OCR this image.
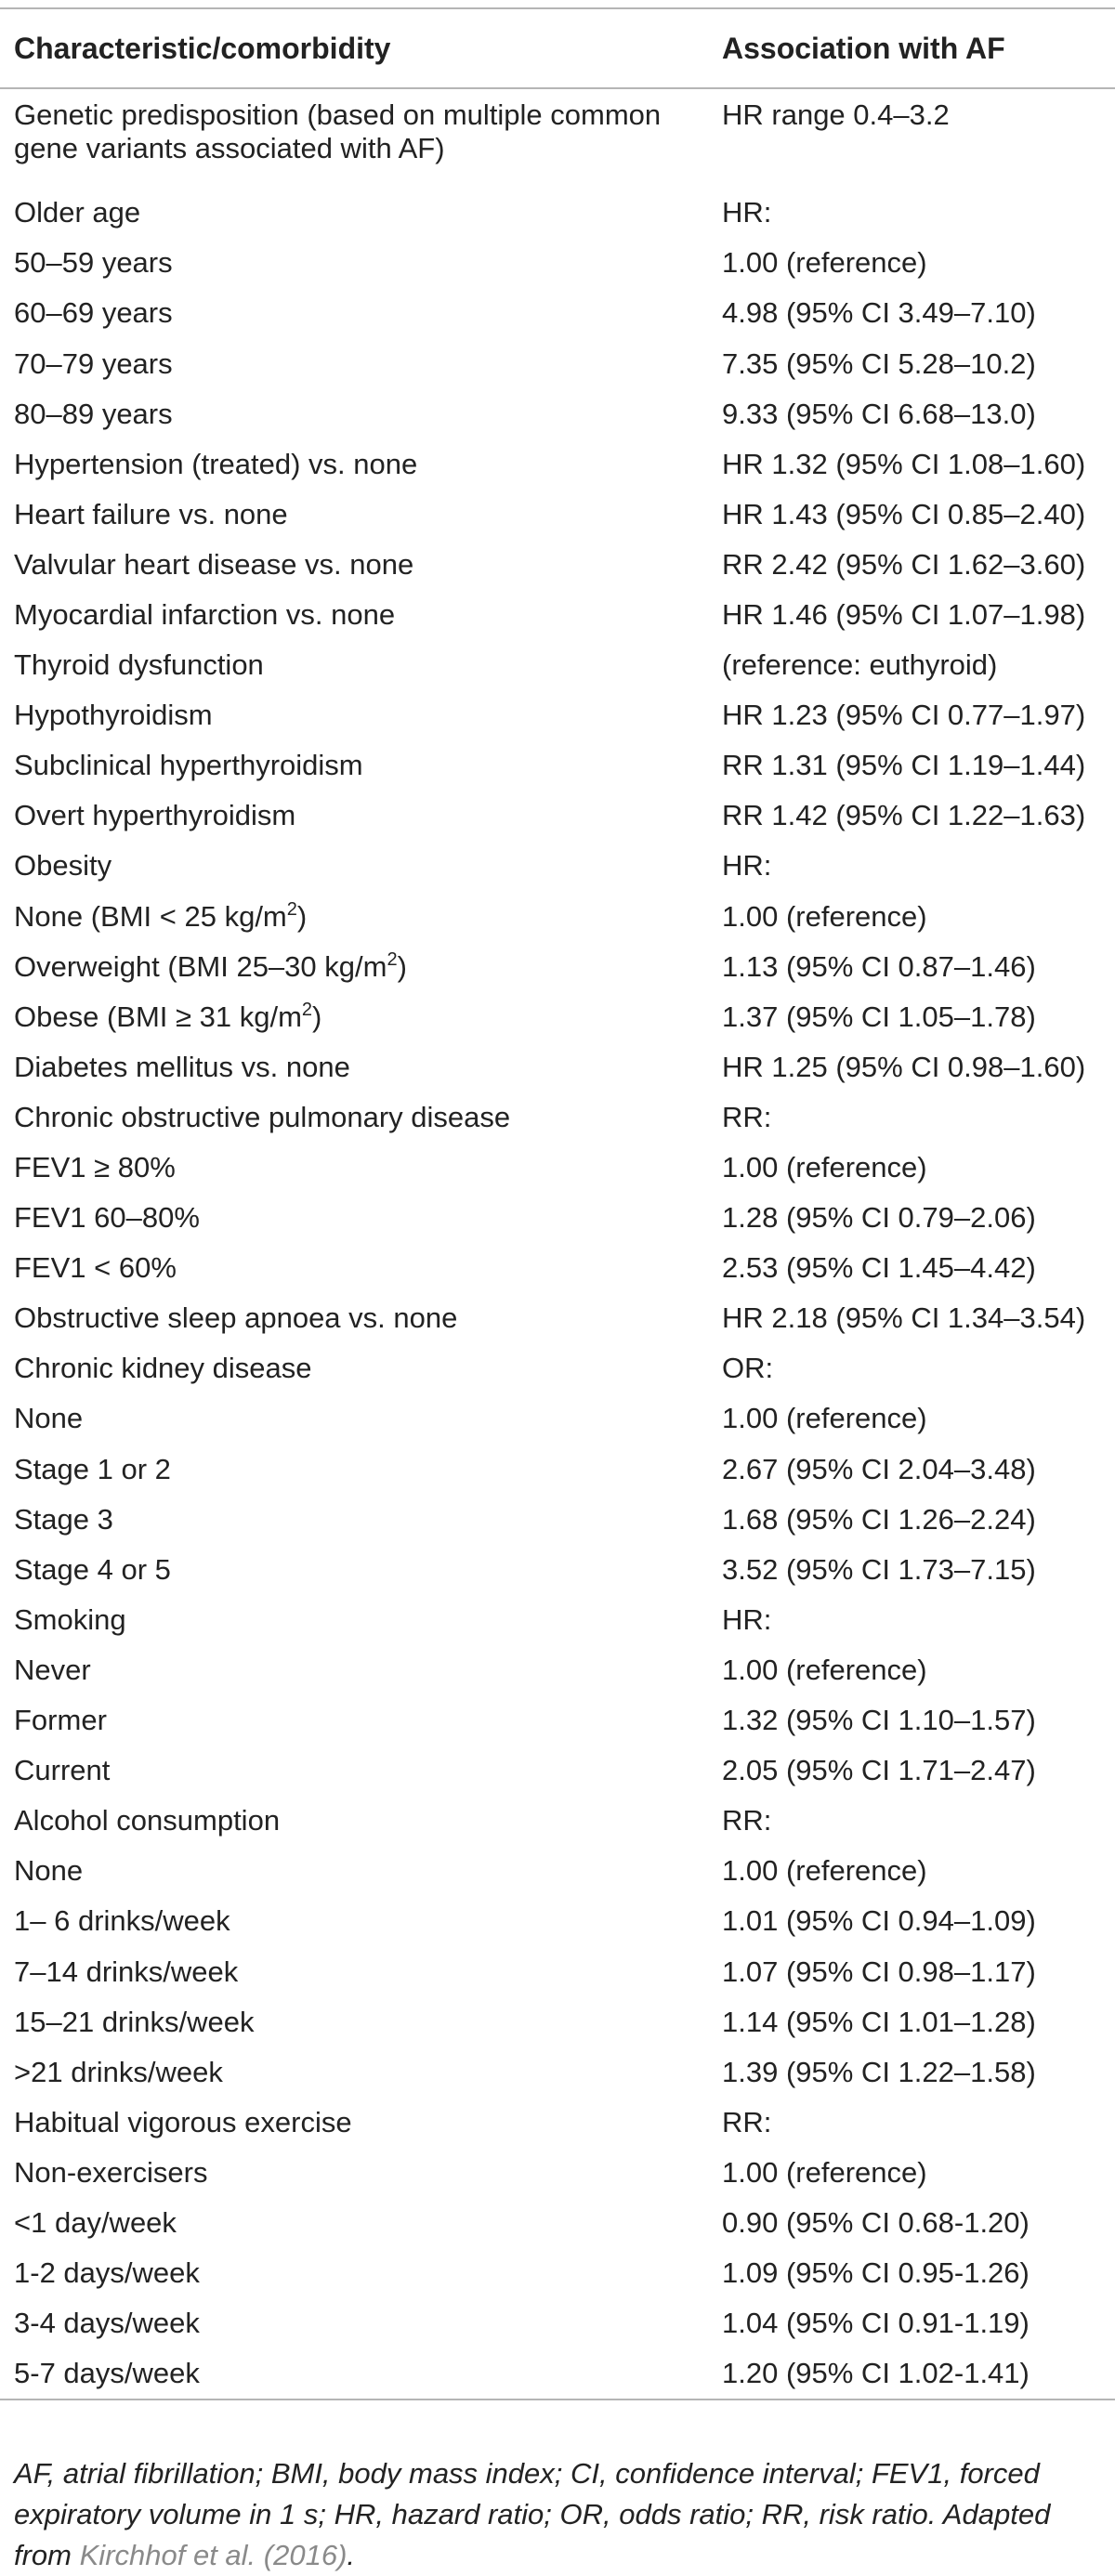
Characteristic/comorbidity	Association with AF
Genetic predisposition (based on multiple common gene variants associated with AF)	HR range 0.4–3.2
Older age	HR:
50–59 years	1.00 (reference)
60–69 years	4.98 (95% CI 3.49–7.10)
70–79 years	7.35 (95% CI 5.28–10.2)
80–89 years	9.33 (95% CI 6.68–13.0)
Hypertension (treated) vs. none	HR 1.32 (95% CI 1.08–1.60)
Heart failure vs. none	HR 1.43 (95% CI 0.85–2.40)
Valvular heart disease vs. none	RR 2.42 (95% CI 1.62–3.60)
Myocardial infarction vs. none	HR 1.46 (95% CI 1.07–1.98)
Thyroid dysfunction	(reference: euthyroid)
Hypothyroidism	HR 1.23 (95% CI 0.77–1.97)
Subclinical hyperthyroidism	RR 1.31 (95% CI 1.19–1.44)
Overt hyperthyroidism	RR 1.42 (95% CI 1.22–1.63)
Obesity	HR:
None (BMI < 25 $kg/m^2$)	1.00 (reference)
Overweight (BMI 25–30 $kg/m^2$)	1.13 (95% CI 0.87–1.46)
Obese (BMI ≥ 31 $kg/m^2$)	1.37 (95% CI 1.05–1.78)
Diabetes mellitus vs. none	HR 1.25 (95% CI 0.98–1.60)
Chronic obstructive pulmonary disease	RR:
FEV1 ≥ 80%	1.00 (reference)
FEV1 60–80%	1.28 (95% CI 0.79–2.06)
FEV1 < 60%	2.53 (95% CI 1.45–4.42)
Obstructive sleep apnoea vs. none	HR 2.18 (95% CI 1.34–3.54)
Chronic kidney disease	OR:
None	1.00 (reference)
Stage 1 or 2	2.67 (95% CI 2.04–3.48)
Stage 3	1.68 (95% CI 1.26–2.24)
Stage 4 or 5	3.52 (95% CI 1.73–7.15)
Smoking	HR:
Never	1.00 (reference)
Former	1.32 (95% CI 1.10–1.57)
Current	2.05 (95% CI 1.71–2.47)
Alcohol consumption	RR:
None	1.00 (reference)
1– 6 drinks/week	1.01 (95% CI 0.94–1.09)
7–14 drinks/week	1.07 (95% CI 0.98–1.17)
15–21 drinks/week	1.14 (95% CI 1.01–1.28)
>21 drinks/week	1.39 (95% CI 1.22–1.58)
Habitual vigorous exercise	RR:
Non-exercisers	1.00 (reference)
<1 day/week	0.90 (95% CI 0.68-1.20)
1-2 days/week	1.09 (95% CI 0.95-1.26)
3-4 days/week	1.04 (95% CI 0.91-1.19)
5-7 days/week	1.20 (95% CI 1.02-1.41)

AF, atrial fibrillation; BMI, body mass index; CI, confidence interval; FEV1, forced expiratory volume in 1 s; HR, hazard ratio; OR, odds ratio; RR, risk ratio. Adapted from Kirchhof et al. (2016).
